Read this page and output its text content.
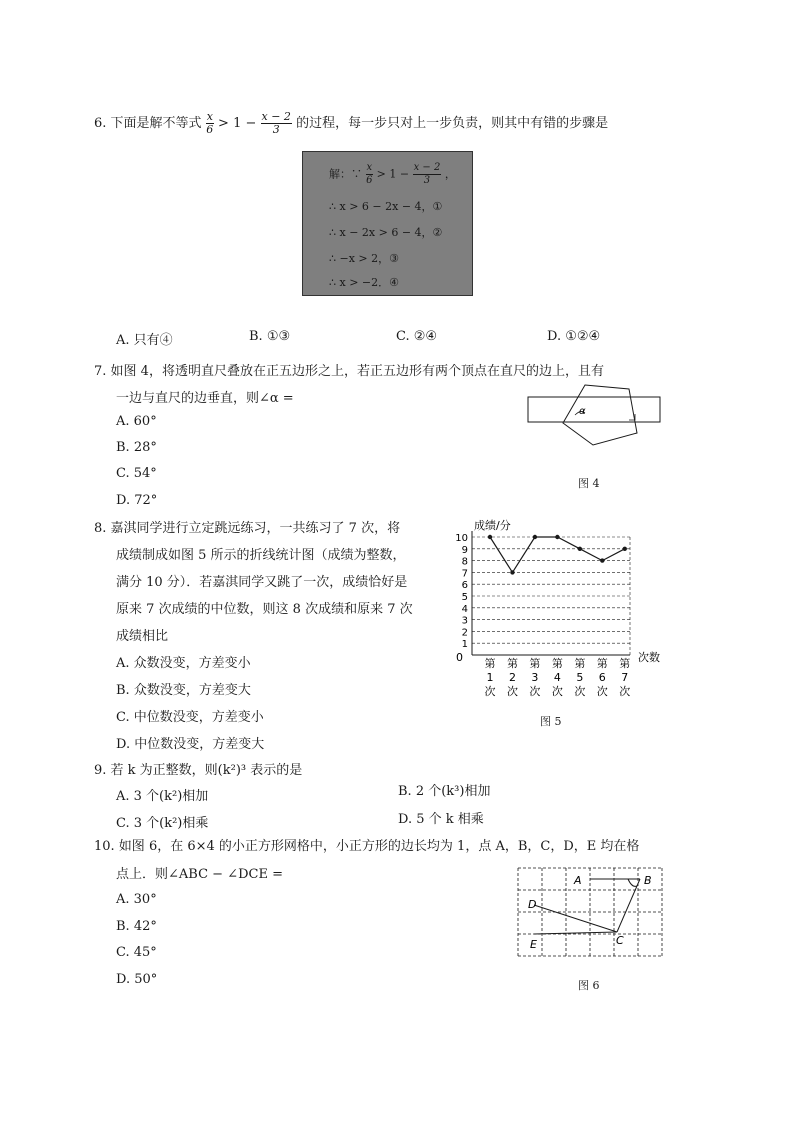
6. 下面是解不等式 $\frac{x}{6} > 1 - \frac{x - 2}{3}$ 的过程，每一步只对上一步负责，则其中有错的步骤是
解：∵ $\frac{x}{6} > 1 - \frac{x - 2}{3}$ ，
∴ x > 6 − 2x − 4，①
∴ x − 2x > 6 − 4，②
∴ −x > 2，③
∴ x > −2．④
A. 只有④	B. ①③	C. ②④	D. ①②④
7. 如图 4，将透明直尺叠放在正五边形之上，若正五边形有两个顶点在直尺的边上，且有
一边与直尺的边垂直，则∠α =
A. 60°
B. 28°
C. 54°
D. 72°
α
图 4
8. 嘉淇同学进行立定跳远练习，一共练习了 7 次，将
成绩制成如图 5 所示的折线统计图（成绩为整数，
满分 10 分）．若嘉淇同学又跳了一次，成绩恰好是
原来 7 次成绩的中位数，则这 8 次成绩和原来 7 次
成绩相比
A. 众数没变，方差变小
B. 众数没变，方差变大
C. 中位数没变，方差变小
D. 中位数没变，方差变大
成绩/分
次数
0
1
2
3
4
5
6
7
8
9
10
第
1
次
第
2
次
第
3
次
第
4
次
第
5
次
第
6
次
第
7
次
图 5
9. 若 k 为正整数，则(k²)³ 表示的是
A. 3 个(k²)相加	B. 2 个(k³)相加
C. 3 个(k²)相乘	D. 5 个 k 相乘
10. 如图 6，在 6×4 的小正方形网格中，小正方形的边长均为 1，点 A，B，C，D，E 均在格
点上．则∠ABC − ∠DCE =
A. 30°
B. 42°
C. 45°
D. 50°
A	B
C
D
E
图 6
